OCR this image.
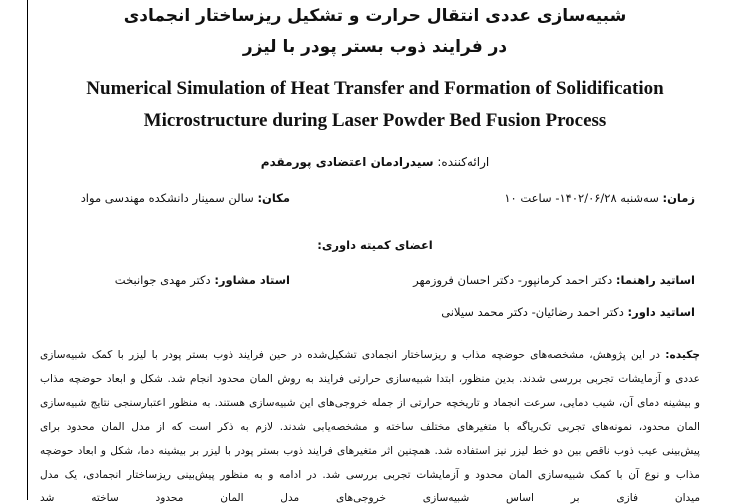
شبیه‌سازی عددی انتقال حرارت و تشکیل ریزساختار انجمادی
در فرایند ذوب بستر پودر با لیزر
Numerical Simulation of Heat Transfer and Formation of Solidification
Microstructure during Laser Powder Bed Fusion Process
ارائه‌کننده: سیدرادمان اعتضادی پورمقدم
زمان: سه‌شنبه ۱۴۰۲/۰۶/۲۸- ساعت ۱۰
مکان: سالن سمینار دانشکده مهندسی مواد
اعضای کمیته داوری:
اساتید راهنما: دکتر احمد کرمانپور- دکتر احسان فروزمهر
استاد مشاور: دکتر مهدی جوانبخت
اساتید داور: دکتر احمد رضائیان- دکتر محمد سیلانی
چکیده: در این پژوهش، مشخصه‌های حوضچه مذاب و ریزساختار انجمادی تشکیل‌شده در حین فرایند ذوب بستر پودر با لیزر با کمک شبیه‌سازی
عددی و آزمایشات تجربی بررسی شدند. بدین منظور، ابتدا شبیه‌سازی حرارتی فرایند به روش المان محدود انجام شد. شکل و ابعاد حوضچه مذاب
و بیشینه دمای آن، شیب دمایی، سرعت انجماد و تاریخچه حرارتی از جمله خروجی‌های این شبیه‌سازی هستند. به منظور اعتبارسنجی نتایج شبیه‌سازی
المان محدود، نمونه‌های تجربی تک‌ریاگه با متغیرهای مختلف ساخته و مشخصه‌یابی شدند. لازم به ذکر است که از مدل المان محدود برای
پیش‌بینی عیب ذوب ناقص بین دو خط لیزر نیز استفاده شد. همچنین اثر متغیرهای فرایند ذوب بستر پودر با لیزر بر بیشینه دما، شکل و ابعاد حوضچه
مذاب و نوع آن با کمک شبیه‌سازی المان محدود و آزمایشات تجربی بررسی شد. در ادامه و به منظور پیش‌بینی ریزساختار انجمادی، یک مدل
میدان فازی بر اساس شبیه‌سازی خروجی‌های مدل المان محدود ساخته شد
